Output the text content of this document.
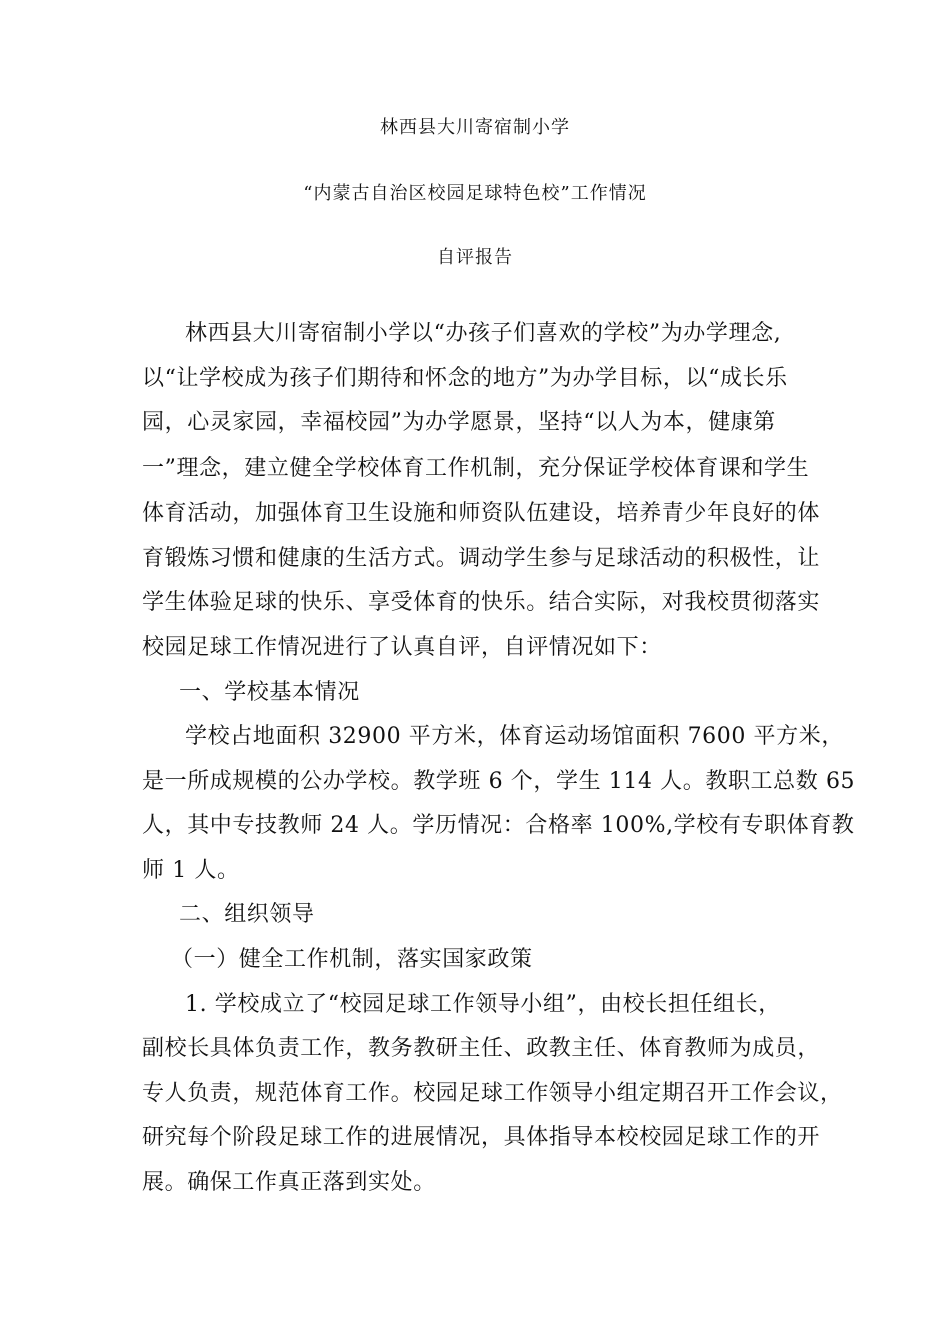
林西县大川寄宿制小学
“内蒙古自治区校园足球特色校”工作情况
自评报告
林西县大川寄宿制小学以“办孩子们喜欢的学校”为办学理念,
以“让学校成为孩子们期待和怀念的地方”为办学目标，以“成长乐
园，心灵家园，幸福校园”为办学愿景，坚持“以人为本，健康第
一”理念，建立健全学校体育工作机制，充分保证学校体育课和学生
体育活动，加强体育卫生设施和师资队伍建设，培养青少年良好的体
育锻炼习惯和健康的生活方式。调动学生参与足球活动的积极性，让
学生体验足球的快乐、享受体育的快乐。结合实际，对我校贯彻落实
校园足球工作情况进行了认真自评，自评情况如下：
一、学校基本情况
学校占地面积 32900 平方米，体育运动场馆面积 7600 平方米，
是一所成规模的公办学校。教学班 6 个，学生 114 人。教职工总数 65
人，其中专技教师 24 人。学历情况：合格率 100%,学校有专职体育教
师 1 人。
二、组织领导
（一）健全工作机制，落实国家政策
1. 学校成立了“校园足球工作领导小组”，由校长担任组长，
副校长具体负责工作，教务教研主任、政教主任、体育教师为成员，
专人负责，规范体育工作。校园足球工作领导小组定期召开工作会议，
研究每个阶段足球工作的进展情况，具体指导本校校园足球工作的开
展。确保工作真正落到实处。
